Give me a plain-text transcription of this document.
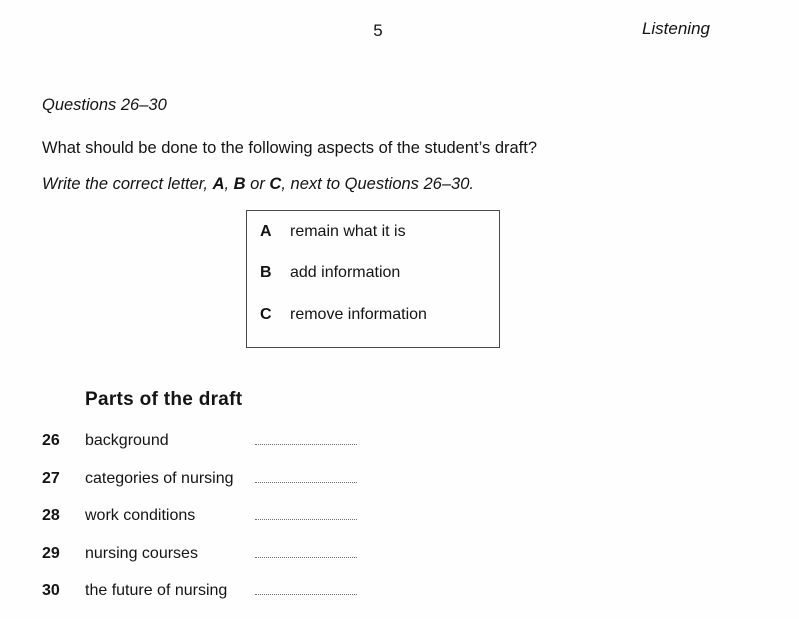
5	Listening
Questions 26–30

What should be done to the following aspects of the student’s draft?

Write the correct letter, A, B or C, next to Questions 26–30.

A	remain what it is
B	add information
C	remove information
Parts of the draft
26	background
27	categories of nursing
28	work conditions
29	nursing courses
30	the future of nursing
